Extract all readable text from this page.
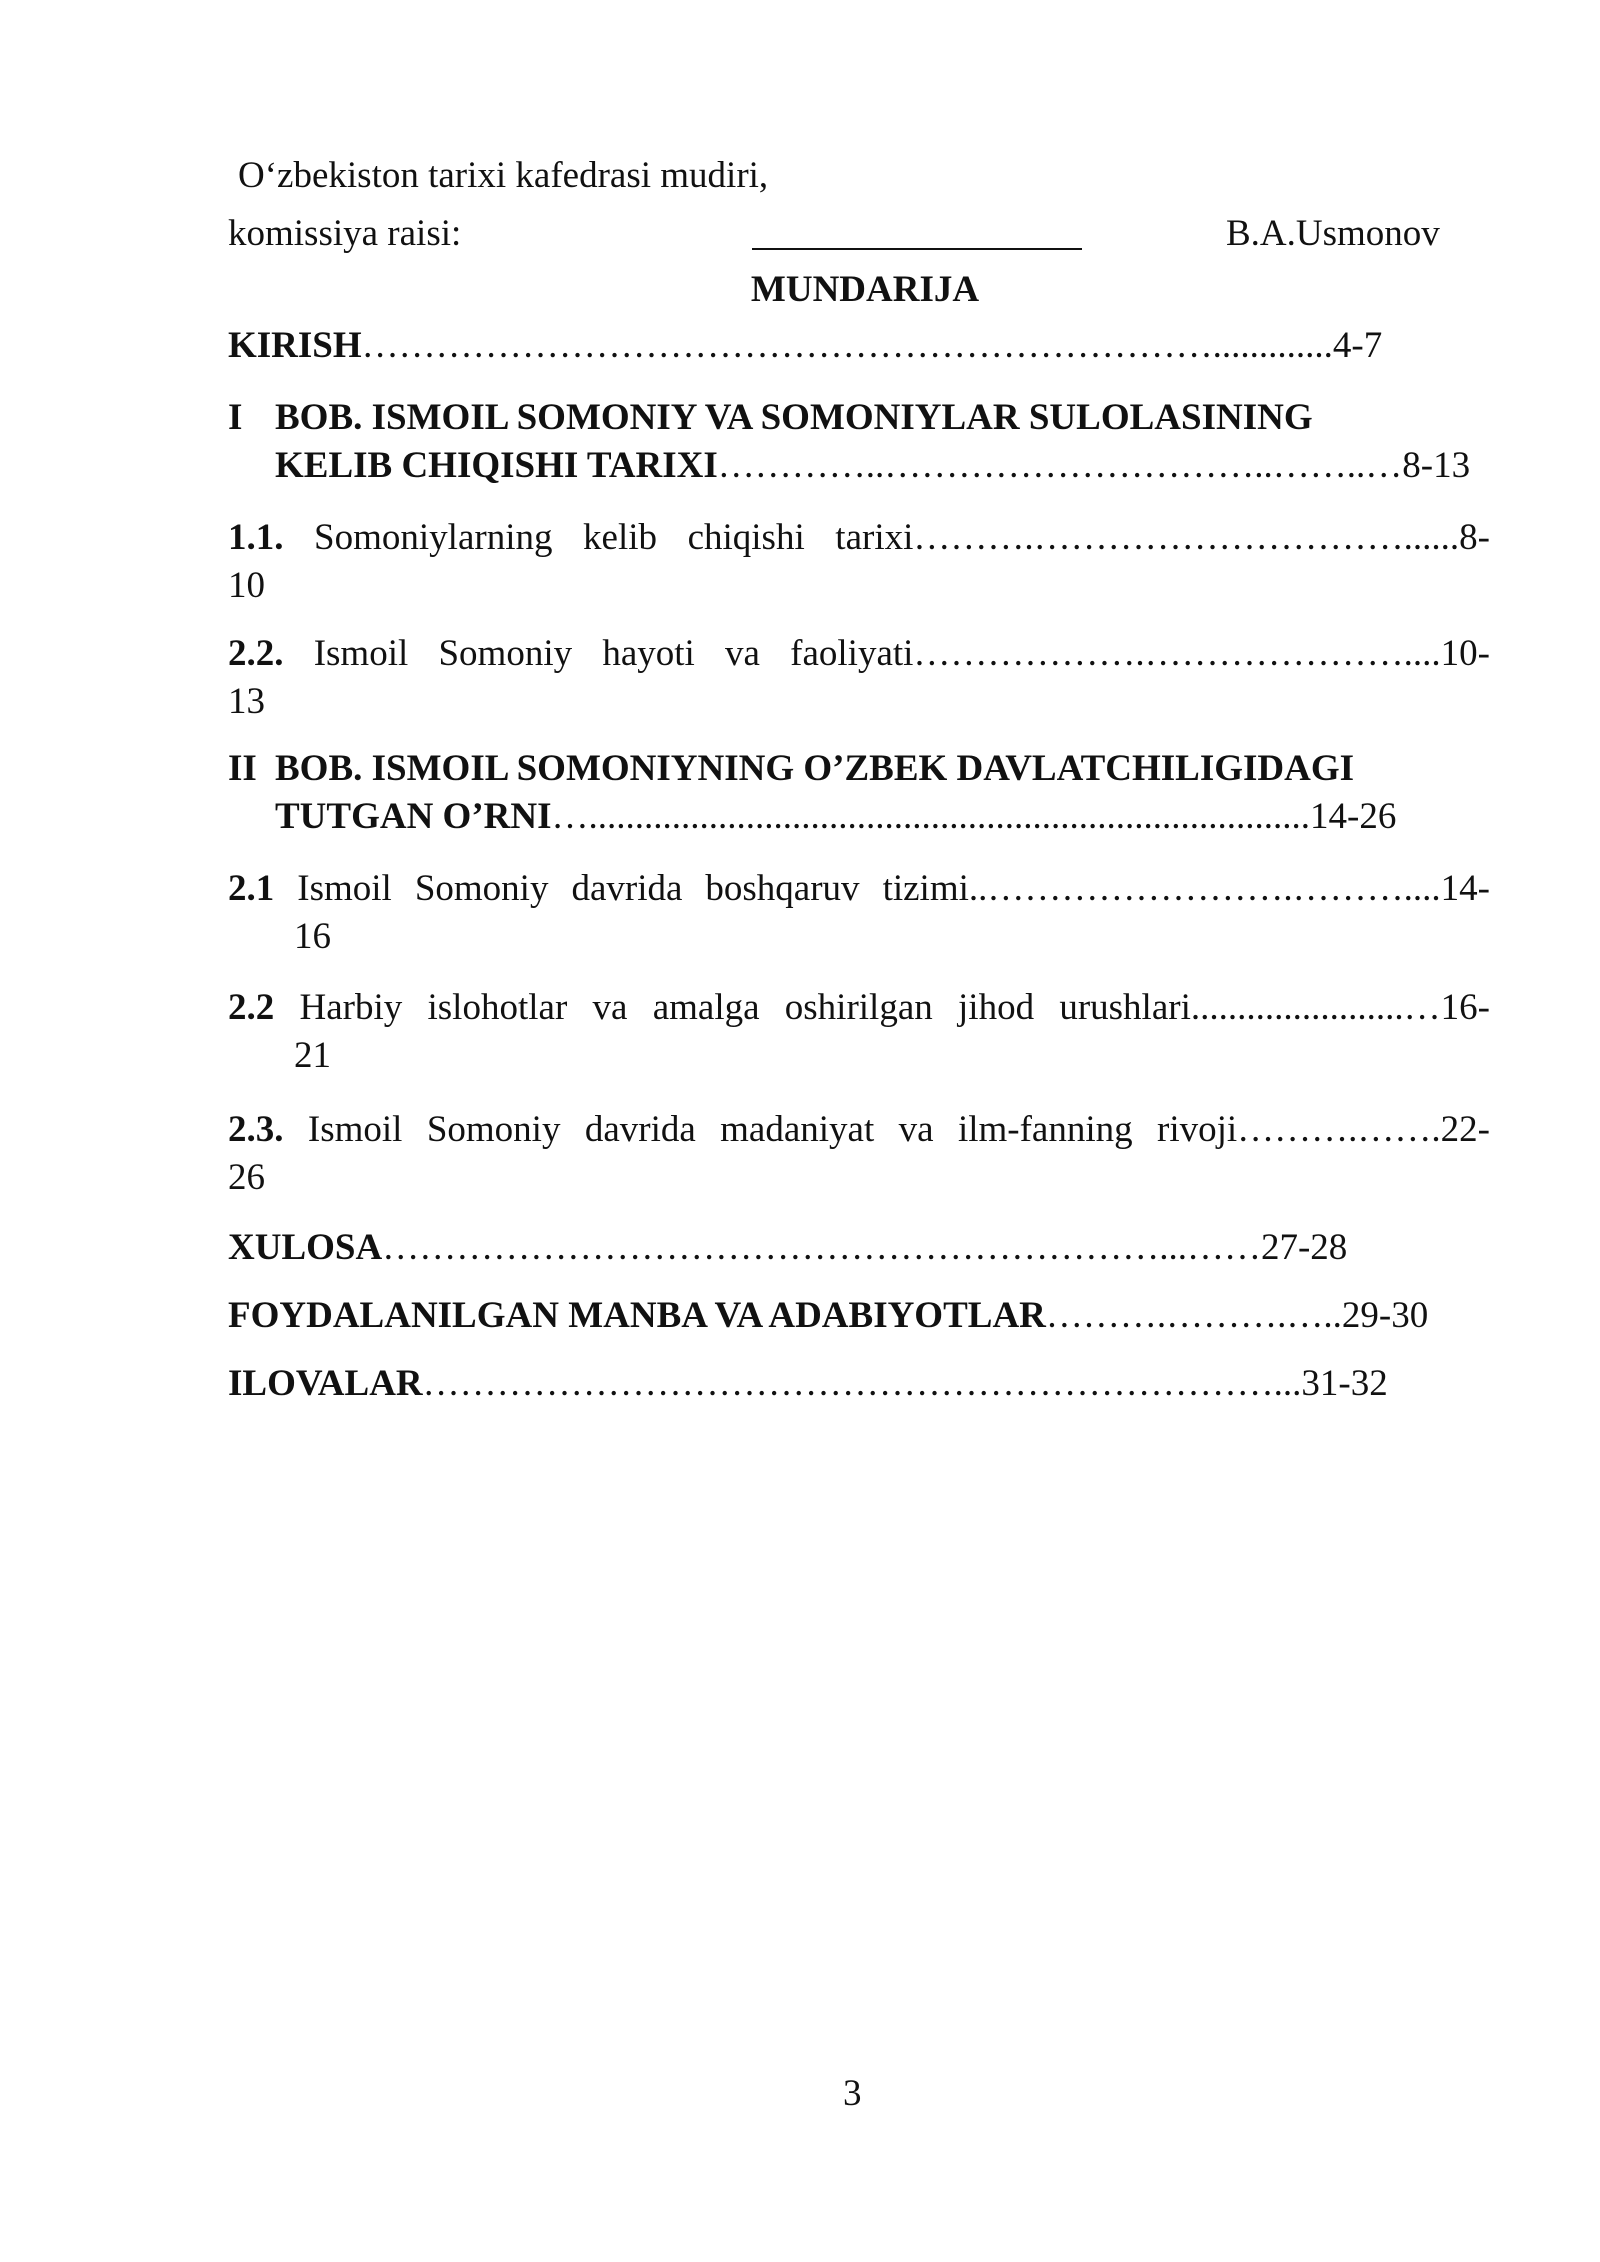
O‘zbekiston tarixi kafedrasi mudiri,
komissiya raisi:	B.A.Usmonov
MUNDARIJA
KIRISH…………………………………………………………….............4-7
I BOB. ISMOIL SOMONIY VA SOMONIYLAR SULOLASINING
KELIB CHIQISHI TARIXI…………..…………………………..……..…8-13
1.1. Somoniylarning kelib chiqishi tarixi……….…………………………......8-
10
2.2. Ismoil Somoniy hayoti va faoliyati……………….…………………....10-
13
II BOB. ISMOIL SOMONIYNING O’ZBEK DAVLATCHILIGIDAGI
TUTGAN O’RNI…..............................................................................14-26
2.1 Ismoil Somoniy davrida boshqaruv tizimi..…………………….………....14-
16
2.2 Harbiy islohotlar va amalga oshirilgan jihod urushlari.......................…16-
21
2.3. Ismoil Somoniy davrida madaniyat va ilm-fanning rivoji……….…….22-
26
XULOSA………………………………………………………...……27-28
FOYDALANILGAN MANBA VA ADABIYOTLAR……….……….…..29-30
ILOVALAR……………………………………………………………...31-32
3
